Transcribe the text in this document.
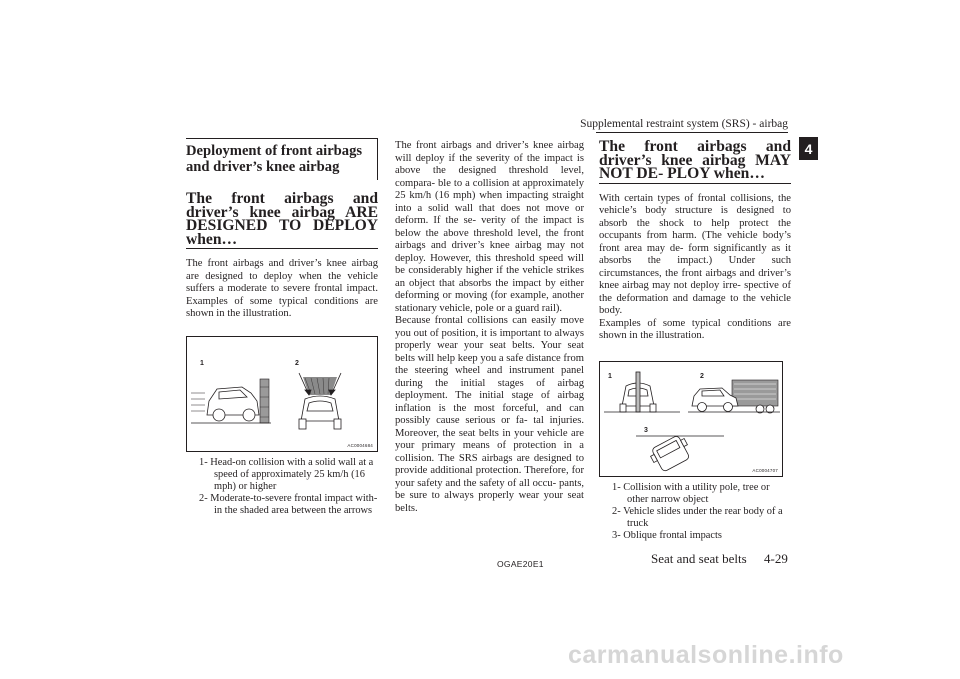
Supplemental restraint system (SRS) - airbag
4
Deployment of front airbags and driver’s knee airbag
The front airbags and driver’s knee airbag ARE DESIGNED TO DEPLOY when…

The front airbags and driver’s knee airbag are designed to deploy when the vehicle suffers a moderate to severe frontal impact. Examples of some typical conditions are shown in the illustration.

1	2
AC0004684
1- Head-on collision with a solid wall at a speed of approximately 25 km/h (16 mph) or higher
2- Moderate-to-severe frontal impact with- in the shaded area between the arrows

The front airbags and driver’s knee airbag will deploy if the severity of the impact is above the designed threshold level, compara- ble to a collision at approximately 25 km/h (16 mph) when impacting straight into a solid wall that does not move or deform. If the se- verity of the impact is below the above threshold level, the front airbags and driver’s knee airbag may not deploy. However, this threshold speed will be considerably higher if the vehicle strikes an object that absorbs the impact by either deforming or moving (for example, another stationary vehicle, pole or a guard rail).

Because frontal collisions can easily move you out of position, it is important to always properly wear your seat belts. Your seat belts will help keep you a safe distance from the steering wheel and instrument panel during the initial stages of airbag deployment. The initial stage of airbag inflation is the most forceful, and can possibly cause serious or fa- tal injuries. Moreover, the seat belts in your vehicle are your primary means of protection in a collision. The SRS airbags are designed to provide additional protection. Therefore, for your safety and the safety of all occu- pants, be sure to always properly wear your seat belts.

The front airbags and driver’s knee airbag MAY NOT DE- PLOY when…

With certain types of frontal collisions, the vehicle’s body structure is designed to absorb the shock to help protect the occupants from harm. (The vehicle body’s front area may de- form significantly as it absorbs the impact.) Under such circumstances, the front airbags and driver’s knee airbag may not deploy irre- spective of the deformation and damage to the vehicle body.

Examples of some typical conditions are shown in the illustration.

1	2
3
AC0004707
1- Collision with a utility pole, tree or other narrow object
2- Vehicle slides under the rear body of a truck
3- Oblique frontal impacts
OGAE20E1	Seat and seat belts 4-29
carmanualsonline.info
